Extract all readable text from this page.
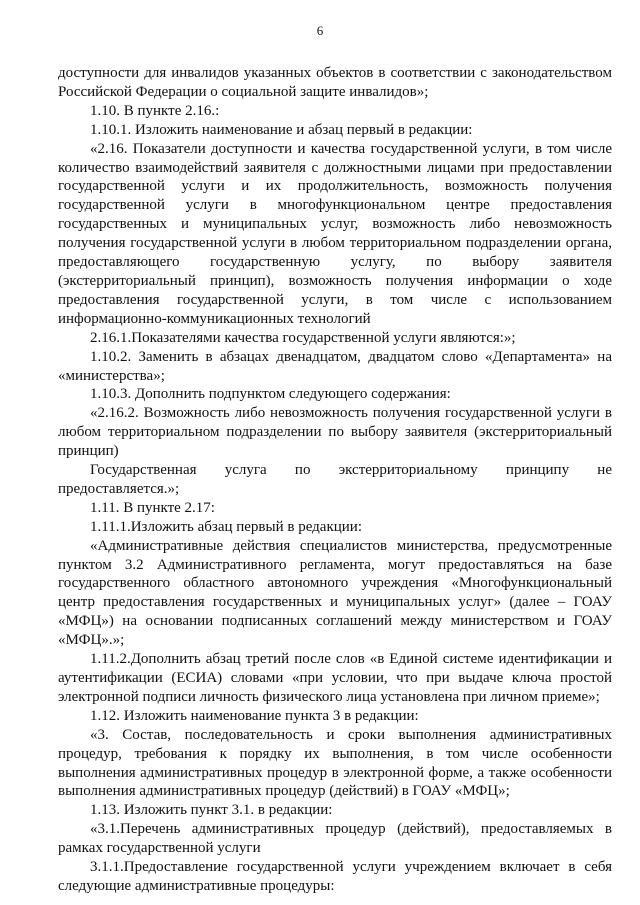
6

доступности для инвалидов указанных объектов в соответствии с законодательством Российской Федерации о социальной защите инвалидов»;

1.10. В пункте 2.16.:

1.10.1. Изложить наименование и абзац первый в редакции:

«2.16. Показатели доступности и качества государственной услуги, в том числе количество взаимодействий заявителя с должностными лицами при предоставлении государственной услуги и их продолжительность, возможность получения государственной услуги в многофункциональном центре предоставления государственных и муниципальных услуг, возможность либо невозможность получения государственной услуги в любом территориальном подразделении органа, предоставляющего государственную услугу, по выбору заявителя (экстерриториальный принцип), возможность получения информации о ходе предоставления государственной услуги, в том числе с использованием информационно-коммуникационных технологий

2.16.1.Показателями качества государственной услуги являются:»;

1.10.2. Заменить в абзацах двенадцатом, двадцатом слово «Департамента» на «министерства»;

1.10.3. Дополнить подпунктом следующего содержания:

«2.16.2. Возможность либо невозможность получения государственной услуги в любом территориальном подразделении по выбору заявителя (экстерриториальный принцип)

Государственная услуга по экстерриториальному принципу не предоставляется.»;

1.11. В пункте 2.17:

1.11.1.Изложить абзац первый в редакции:

«Административные действия специалистов министерства, предусмотренные пунктом 3.2 Административного регламента, могут предоставляться на базе государственного областного автономного учреждения «Многофункциональный центр предоставления государственных и муниципальных услуг» (далее – ГОАУ «МФЦ») на основании подписанных соглашений между министерством и ГОАУ «МФЦ».»;

1.11.2.Дополнить абзац третий после слов «в Единой системе идентификации и аутентификации (ЕСИА) словами «при условии, что при выдаче ключа простой электронной подписи личность физического лица установлена при личном приеме»;

1.12. Изложить наименование пункта 3 в редакции:

«3. Состав, последовательность и сроки выполнения административных процедур, требования к порядку их выполнения, в том числе особенности выполнения административных процедур в электронной форме, а также особенности выполнения административных процедур (действий) в ГОАУ «МФЦ»;

1.13. Изложить пункт 3.1. в редакции:

«3.1.Перечень административных процедур (действий), предоставляемых в рамках государственной услуги

3.1.1.Предоставление государственной услуги учреждением включает в себя следующие административные процедуры:
